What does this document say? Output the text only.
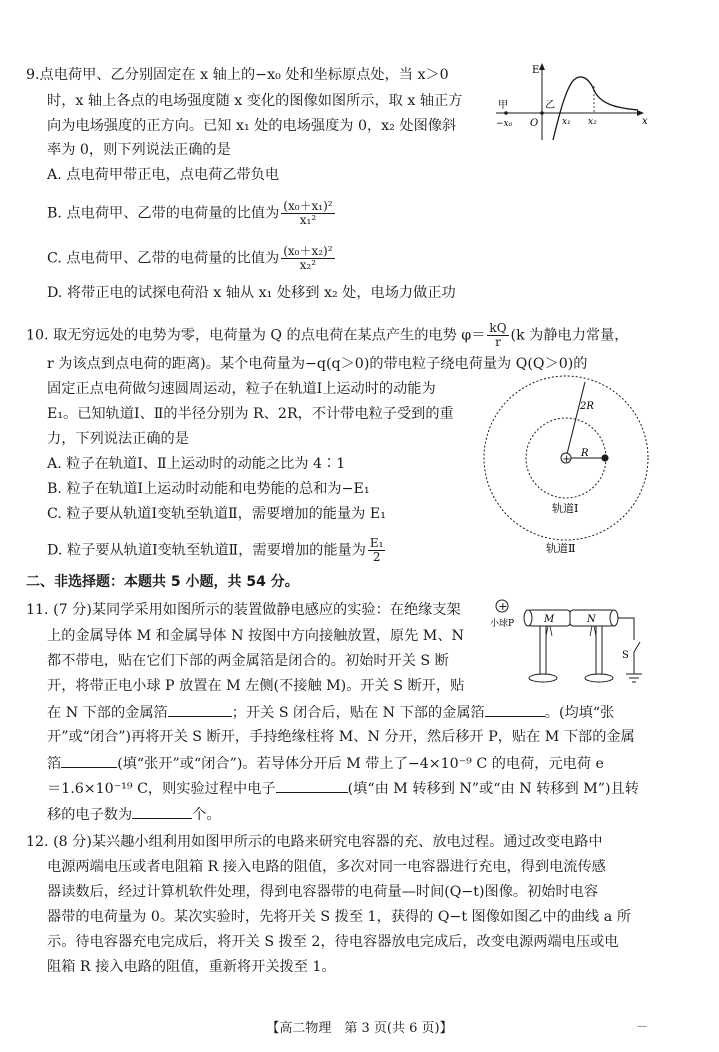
9.点电荷甲、乙分别固定在 x 轴上的−x₀ 处和坐标原点处，当 x＞0
时，x 轴上各点的电场强度随 x 变化的图像如图所示，取 x 轴正方
向为电场强度的正方向。已知 x₁ 处的电场强度为 0，x₂ 处图像斜
率为 0，则下列说法正确的是
A. 点电荷甲带正电，点电荷乙带负电
B. 点电荷甲、乙带的电荷量的比值为 $\frac{\text{(x₀＋x₁)²}}{\text{x₁²}}$
C. 点电荷甲、乙带的电荷量的比值为 $\frac{\text{(x₀＋x₂)²}}{\text{x₂²}}$
D. 将带正电的试探电荷沿 x 轴从 x₁ 处移到 x₂ 处，电场力做正功
E
x
O
−x₀	x₁ x₂
甲	乙
10. 取无穷远处的电势为零，电荷量为 Q 的点电荷在某点产生的电势 $\varphi= \frac{kQ}{r} (k$ 为静电力常量，
r 为该点到点电荷的距离)。某个电荷量为−q(q＞0)的带电粒子绕电荷量为 Q(Q＞0)的
固定正点电荷做匀速圆周运动，粒子在轨道Ⅰ上运动时的动能为
E₁。已知轨道Ⅰ、Ⅱ的半径分别为 R、2R，不计带电粒子受到的重
力，下列说法正确的是
A. 粒子在轨道Ⅰ、Ⅱ上运动时的动能之比为 4∶1
B. 粒子在轨道Ⅰ上运动时动能和电势能的总和为−E₁
C. 粒子要从轨道Ⅰ变轨至轨道Ⅱ，需要增加的能量为 E₁
D. 粒子要从轨道Ⅰ变轨至轨道Ⅱ，需要增加的能量为 $\frac{\text{E₁}}{2}$
+
2R
R
轨道Ⅰ
轨道Ⅱ
二、非选择题：本题共 5 小题，共 54 分。
11. (7 分)某同学采用如图所示的装置做静电感应的实验：在绝缘支架
上的金属导体 M 和金属导体 N 按图中方向接触放置，原先 M、N
都不带电，贴在它们下部的两金属箔是闭合的。初始时开关 S 断
开，将带正电小球 P 放置在 M 左侧(不接触 M)。开关 S 断开，贴
在 N 下部的金属箔	；开关 S 闭合后，贴在 N 下部的金属箔	。(均填“张
开”或“闭合”)再将开关 S 断开，手持绝缘柱将 M、N 分开，然后移开 P，贴在 M 下部的金属
箔	(填“张开”或“闭合”)。若导体分开后 M 带上了−4×10⁻⁹ C 的电荷，元电荷 e
＝1.6×10⁻¹⁹ C，则实验过程中电子	(填“由 M 转移到 N”或“由 N 转移到 M”)且转
移的电子数为	个。
+
小球P	M	N
S
12. (8 分)某兴趣小组利用如图甲所示的电路来研究电容器的充、放电过程。通过改变电路中
电源两端电压或者电阻箱 R 接入电路的阻值，多次对同一电容器进行充电，得到电流传感
器读数后，经过计算机软件处理，得到电容器带的电荷量—时间(Q−t)图像。初始时电容
器带的电荷量为 0。某次实验时，先将开关 S 拨至 1，获得的 Q−t 图像如图乙中的曲线 a 所
示。待电容器充电完成后，将开关 S 拨至 2，待电容器放电完成后，改变电源两端电压或电
阻箱 R 接入电路的阻值，重新将开关拨至 1。
【高二物理　第 3 页(共 6 页)】	—
